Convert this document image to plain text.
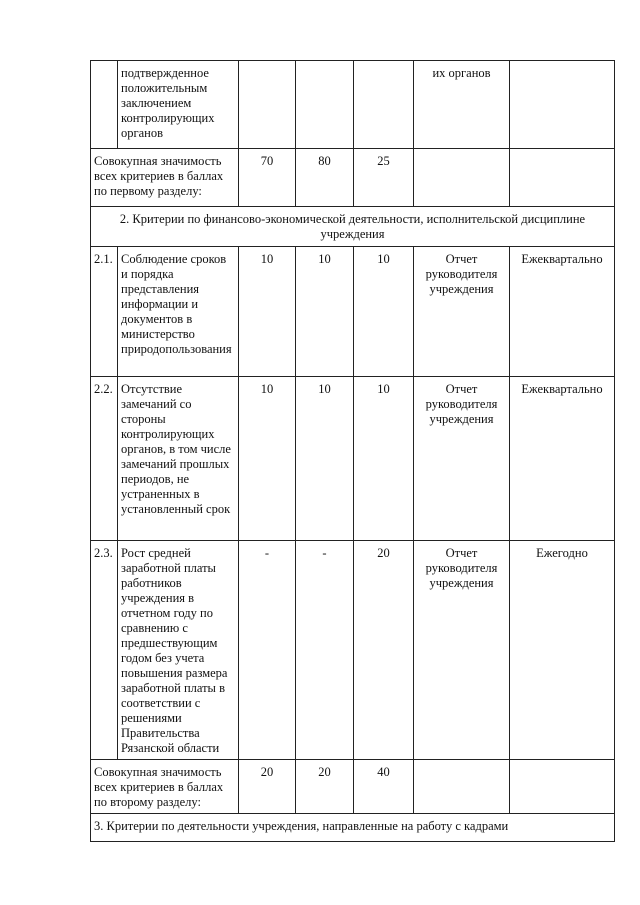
	подтвержденное положительным заключением контролирующих органов				их органов	
Совокупная значимость всех критериев в баллах по первому разделу:		70	80	25		
2. Критерии по финансово-экономической деятельности, исполнительской дисциплине учреждения						
2.1.	Соблюдение сроков и порядка представления информации и документов в министерство природопользования	10	10	10	Отчет руководителя учреждения	Ежеквартально
2.2.	Отсутствие замечаний со стороны контролирующих органов, в том числе замечаний прошлых периодов, не устраненных в установленный срок	10	10	10	Отчет руководителя учреждения	Ежеквартально
2.3.	Рост средней заработной платы работников учреждения в отчетном году по сравнению с предшествующим годом без учета повышения размера заработной платы в соответствии с решениями Правительства Рязанской области	-	-	20	Отчет руководителя учреждения	Ежегодно
Совокупная значимость всех критериев в баллах по второму разделу:		20	20	40		
3. Критерии по деятельности учреждения, направленные на работу с кадрами						
